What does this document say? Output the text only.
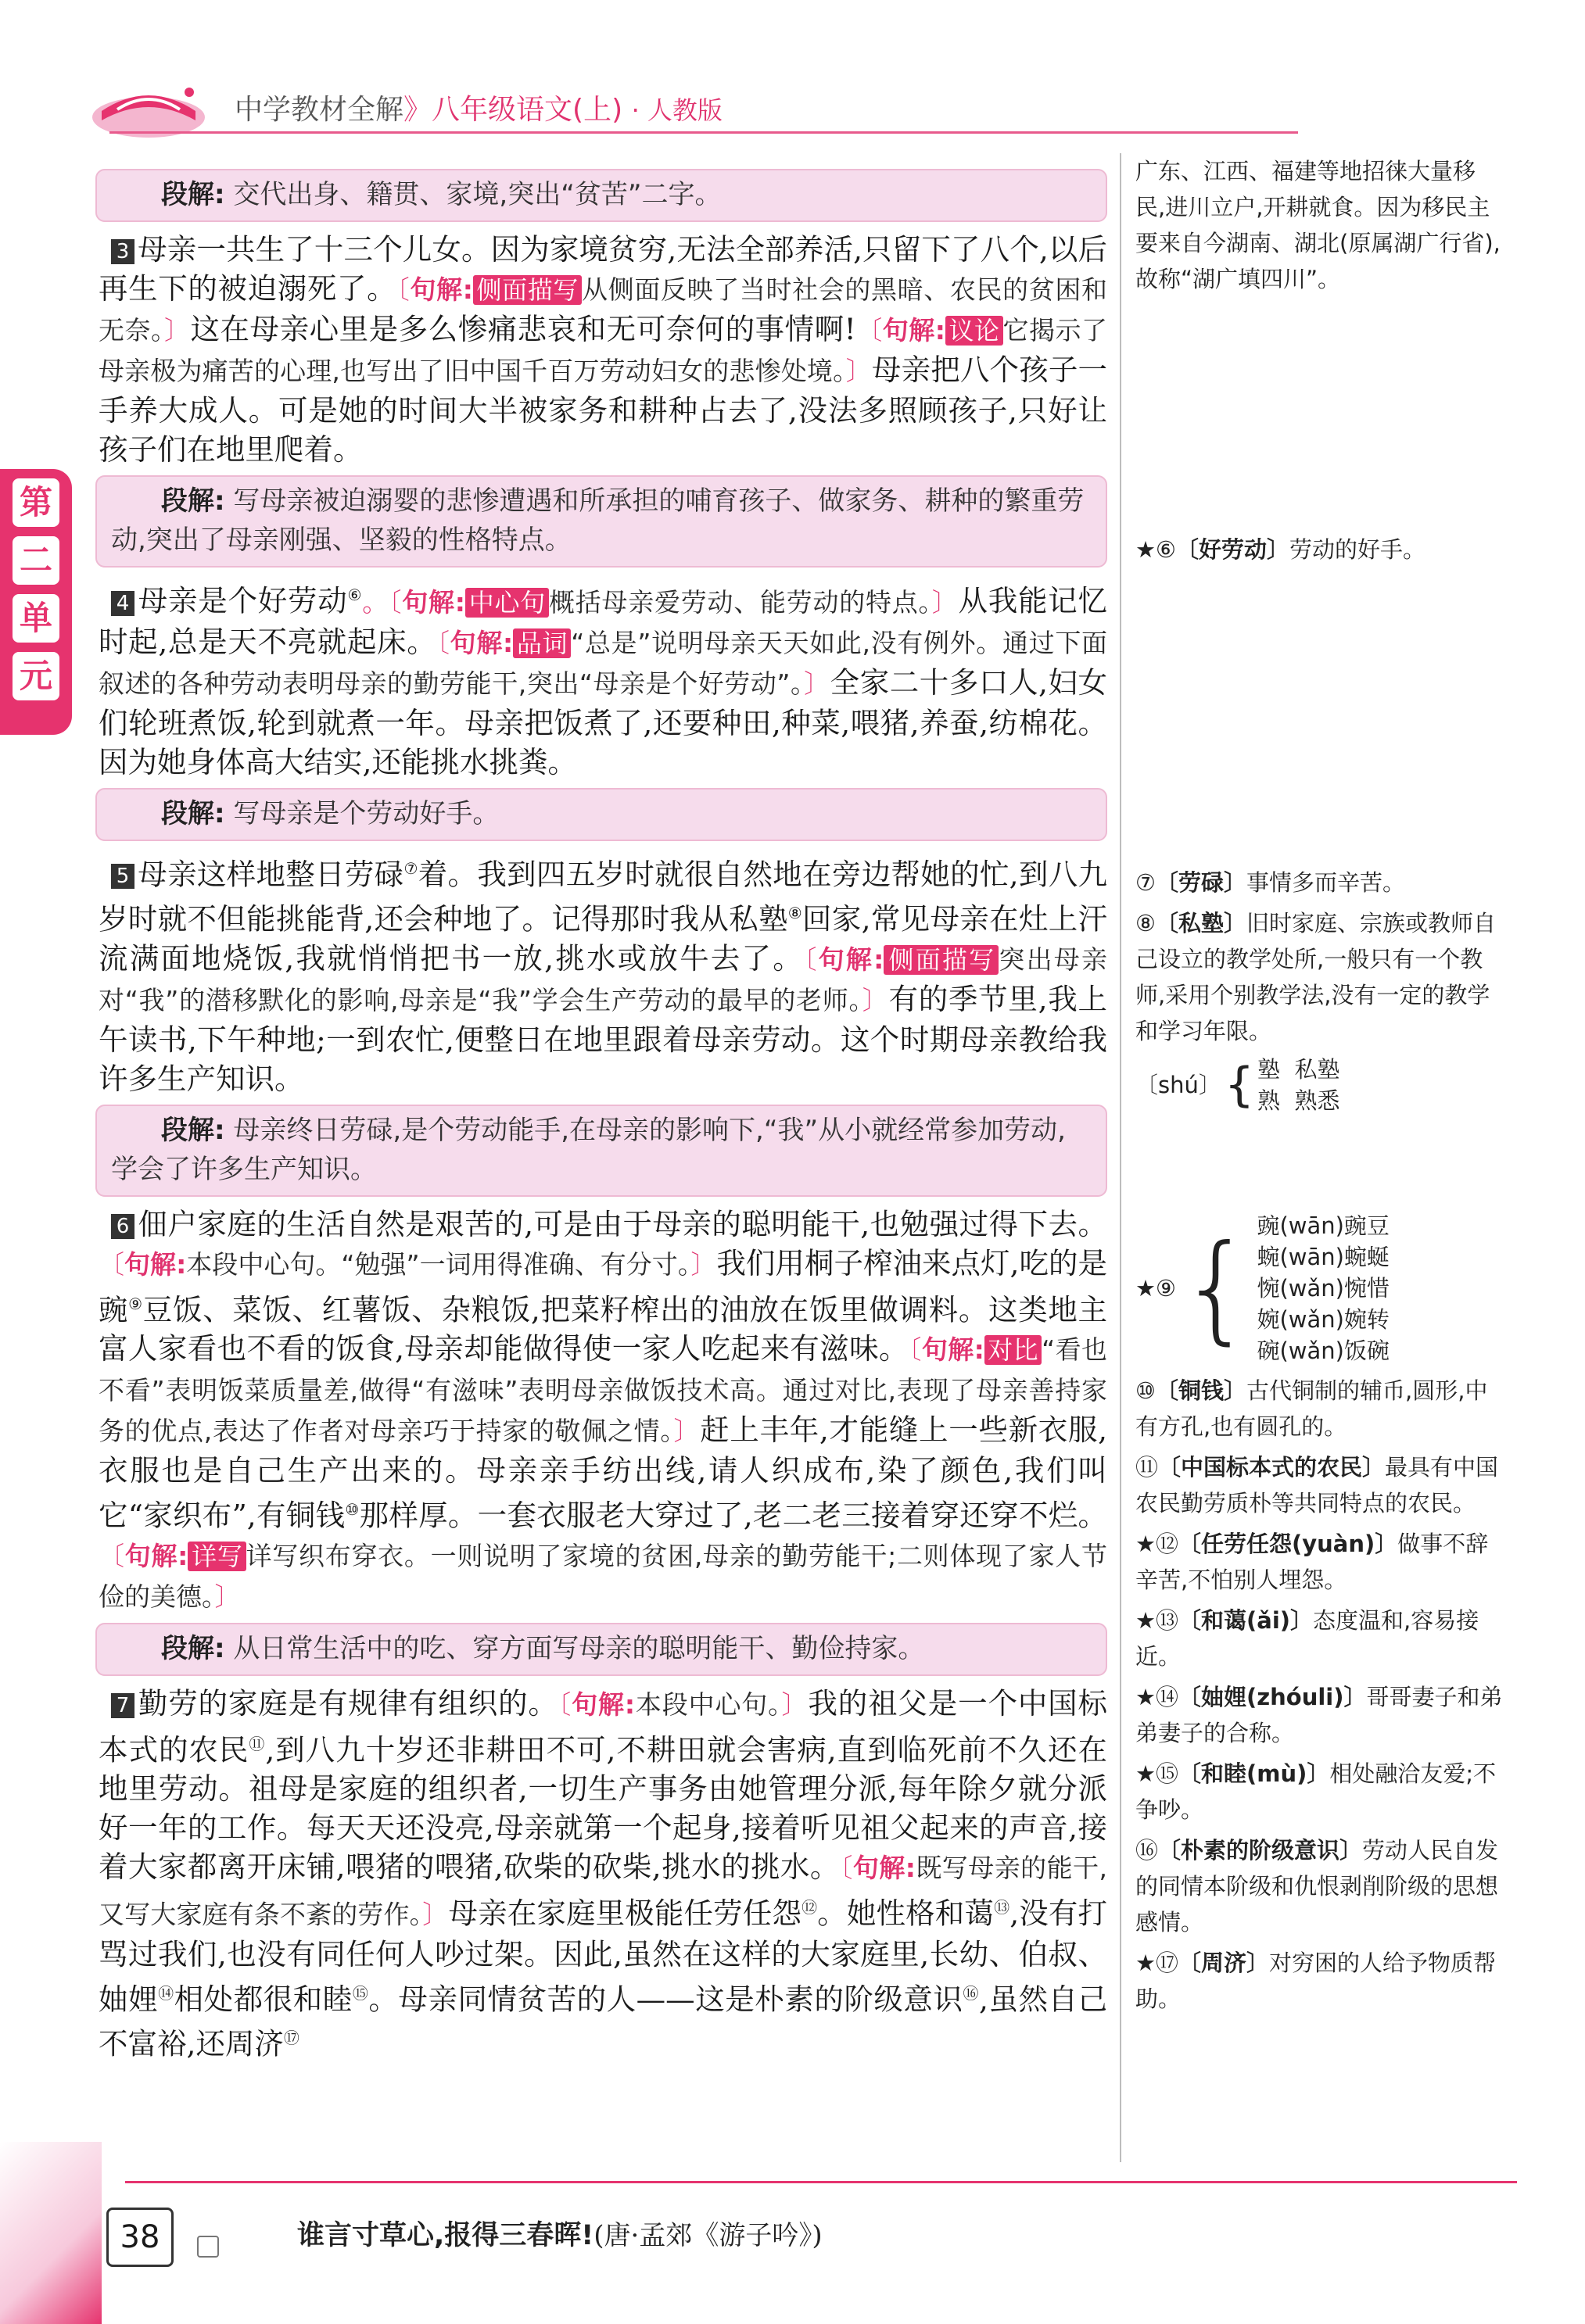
中学教材全解》八年级语文(上) · 人教版
第
二
单
元
段解: 交代出身、籍贯、家境,突出“贫苦”二字。

3 母亲一共生了十三个儿女。因为家境贫穷,无法全部养活,只留下了八个,以后再生下的被迫溺死了。〔句解: 侧面描写 从侧面反映了当时社会的黑暗、农民的贫困和无奈。〕这在母亲心里是多么惨痛悲哀和无可奈何的事情啊!〔句解: 议论 它揭示了母亲极为痛苦的心理,也写出了旧中国千百万劳动妇女的悲惨处境。〕母亲把八个孩子一手养大成人。可是她的时间大半被家务和耕种占去了,没法多照顾孩子,只好让孩子们在地里爬着。

段解: 写母亲被迫溺婴的悲惨遭遇和所承担的哺育孩子、做家务、耕种的繁重劳动,突出了母亲刚强、坚毅的性格特点。

4 母亲是个好劳动⑥。〔句解: 中心句 概括母亲爱劳动、能劳动的特点。〕从我能记忆时起,总是天不亮就起床。〔句解: 品词 “总是”说明母亲天天如此,没有例外。通过下面叙述的各种劳动表明母亲的勤劳能干,突出“母亲是个好劳动”。〕全家二十多口人,妇女们轮班煮饭,轮到就煮一年。母亲把饭煮了,还要种田,种菜,喂猪,养蚕,纺棉花。因为她身体高大结实,还能挑水挑粪。

段解: 写母亲是个劳动好手。

5 母亲这样地整日劳碌⑦着。我到四五岁时就很自然地在旁边帮她的忙,到八九岁时就不但能挑能背,还会种地了。记得那时我从私塾⑧回家,常见母亲在灶上汗流满面地烧饭,我就悄悄把书一放,挑水或放牛去了。〔句解: 侧面描写 突出母亲对“我”的潜移默化的影响,母亲是“我”学会生产劳动的最早的老师。〕有的季节里,我上午读书,下午种地;一到农忙,便整日在地里跟着母亲劳动。这个时期母亲教给我许多生产知识。

段解: 母亲终日劳碌,是个劳动能手,在母亲的影响下,“我”从小就经常参加劳动,学会了许多生产知识。

6 佃户家庭的生活自然是艰苦的,可是由于母亲的聪明能干,也勉强过得下去。〔句解:本段中心句。“勉强”一词用得准确、有分寸。〕我们用桐子榨油来点灯,吃的是豌⑨豆饭、菜饭、红薯饭、杂粮饭,把菜籽榨出的油放在饭里做调料。这类地主富人家看也不看的饭食,母亲却能做得使一家人吃起来有滋味。〔句解: 对比 “看也不看”表明饭菜质量差,做得“有滋味”表明母亲做饭技术高。通过对比,表现了母亲善持家务的优点,表达了作者对母亲巧于持家的敬佩之情。〕赶上丰年,才能缝上一些新衣服,衣服也是自己生产出来的。母亲亲手纺出线,请人织成布,染了颜色,我们叫它“家织布”,有铜钱⑩那样厚。一套衣服老大穿过了,老二老三接着穿还穿不烂。〔句解: 详写 详写织布穿衣。一则说明了家境的贫困,母亲的勤劳能干;二则体现了家人节俭的美德。〕

段解: 从日常生活中的吃、穿方面写母亲的聪明能干、勤俭持家。

7 勤劳的家庭是有规律有组织的。〔句解:本段中心句。〕我的祖父是一个中国标本式的农民⑪,到八九十岁还非耕田不可,不耕田就会害病,直到临死前不久还在地里劳动。祖母是家庭的组织者,一切生产事务由她管理分派,每年除夕就分派好一年的工作。每天天还没亮,母亲就第一个起身,接着听见祖父起来的声音,接着大家都离开床铺,喂猪的喂猪,砍柴的砍柴,挑水的挑水。〔句解:既写母亲的能干,又写大家庭有条不紊的劳作。〕母亲在家庭里极能任劳任怨⑫。她性格和蔼⑬,没有打骂过我们,也没有同任何人吵过架。因此,虽然在这样的大家庭里,长幼、伯叔、妯娌⑭相处都很和睦⑮。母亲同情贫苦的人——这是朴素的阶级意识⑯,虽然自己不富裕,还周济⑰

广东、江西、福建等地招徕大量移民,进川立户,开耕就食。因为移民主要来自今湖南、湖北(原属湖广行省),故称“湖广填四川”。

★⑥〔好劳动〕劳动的好手。

⑦〔劳碌〕事情多而辛苦。

⑧〔私塾〕旧时家庭、宗族或教师自己设立的教学处所,一般只有一个教师,采用个别教学法,没有一定的教学和学习年限。

〔shú〕 { 塾 私塾
熟 熟悉
★⑨ { 豌(wān)豌豆
蜿(wān)蜿蜒
惋(wǎn)惋惜
婉(wǎn)婉转
碗(wǎn)饭碗

⑩〔铜钱〕古代铜制的辅币,圆形,中有方孔,也有圆孔的。

⑪〔中国标本式的农民〕最具有中国农民勤劳质朴等共同特点的农民。

★⑫〔任劳任怨(yuàn)〕做事不辞辛苦,不怕别人埋怨。

★⑬〔和蔼(ǎi)〕态度温和,容易接近。

★⑭〔妯娌(zhóuli)〕哥哥妻子和弟弟妻子的合称。

★⑮〔和睦(mù)〕相处融洽友爱;不争吵。

⑯〔朴素的阶级意识〕劳动人民自发的同情本阶级和仇恨剥削阶级的思想感情。

★⑰〔周济〕对穷困的人给予物质帮助。

38	谁言寸草心,报得三春晖!(唐·孟郊《游子吟》)
